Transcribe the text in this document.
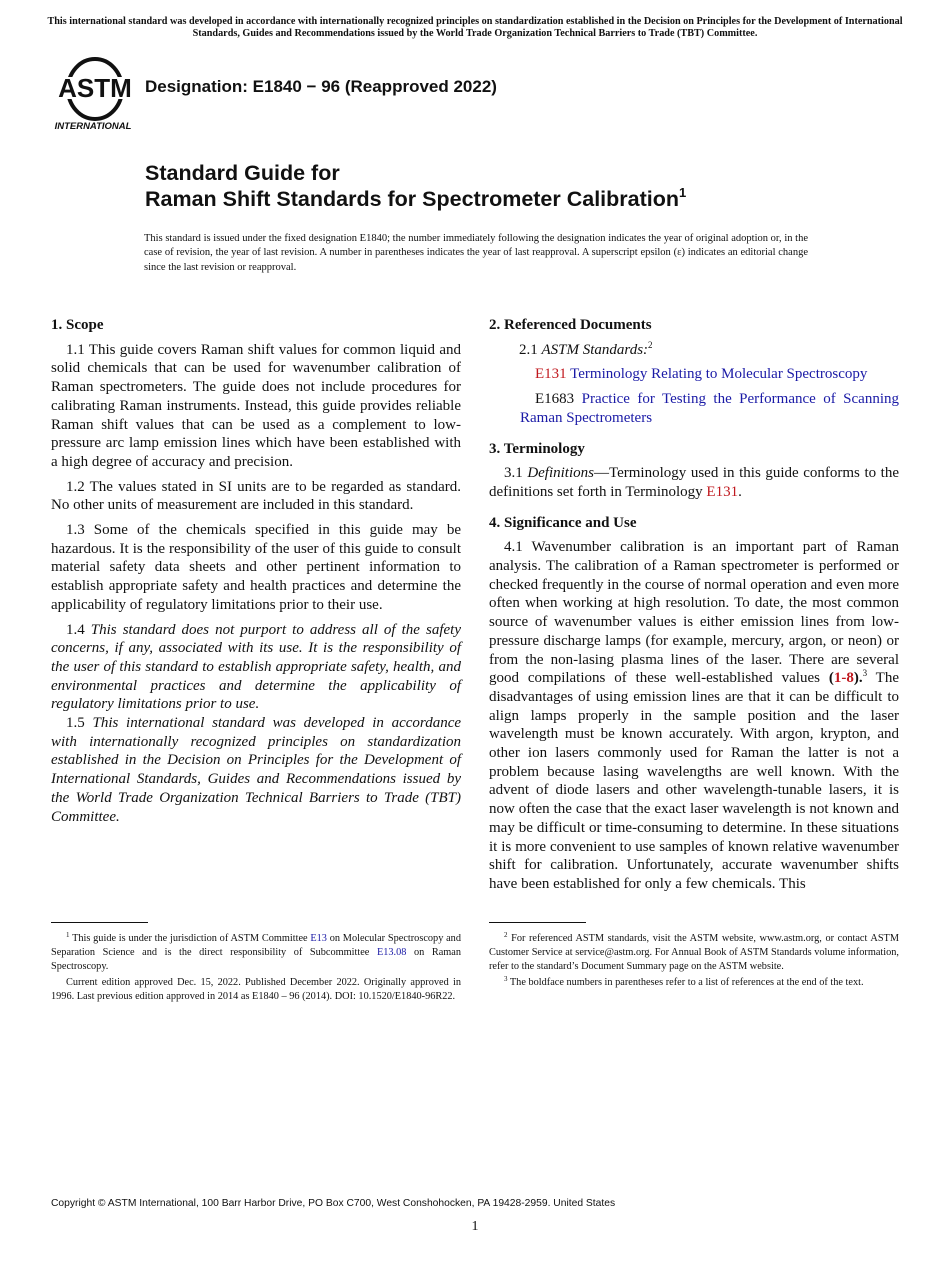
This international standard was developed in accordance with internationally recognized principles on standardization established in the Decision on Principles for the Development of International Standards, Guides and Recommendations issued by the World Trade Organization Technical Barriers to Trade (TBT) Committee.
ASTM
INTERNATIONAL
Designation: E1840 − 96 (Reapproved 2022)
Standard Guide for
Raman Shift Standards for Spectrometer Calibration$^1$
This standard is issued under the fixed designation E1840; the number immediately following the designation indicates the year of original adoption or, in the case of revision, the year of last revision. A number in parentheses indicates the year of last reapproval. A superscript epsilon (ε) indicates an editorial change since the last revision or reapproval.
1. Scope

1.1 This guide covers Raman shift values for common liquid and solid chemicals that can be used for wavenumber calibration of Raman spectrometers. The guide does not include procedures for calibrating Raman instruments. Instead, this guide provides reliable Raman shift values that can be used as a complement to low-pressure arc lamp emission lines which have been established with a high degree of accuracy and precision.

1.2 The values stated in SI units are to be regarded as standard. No other units of measurement are included in this standard.

1.3 Some of the chemicals specified in this guide may be hazardous. It is the responsibility of the user of this guide to consult material safety data sheets and other pertinent information to establish appropriate safety and health practices and determine the applicability of regulatory limitations prior to their use.

1.4 This standard does not purport to address all of the safety concerns, if any, associated with its use. It is the responsibility of the user of this standard to establish appropriate safety, health, and environmental practices and determine the applicability of regulatory limitations prior to use.

1.5 This international standard was developed in accordance with internationally recognized principles on standardization established in the Decision on Principles for the Development of International Standards, Guides and Recommendations issued by the World Trade Organization Technical Barriers to Trade (TBT) Committee.

2. Referenced Documents

2.1 ASTM Standards:$^2$

E131 Terminology Relating to Molecular Spectroscopy

E1683 Practice for Testing the Performance of Scanning Raman Spectrometers

3. Terminology

3.1 Definitions—Terminology used in this guide conforms to the definitions set forth in Terminology E131.

4. Significance and Use

4.1 Wavenumber calibration is an important part of Raman analysis. The calibration of a Raman spectrometer is performed or checked frequently in the course of normal operation and even more often when working at high resolution. To date, the most common source of wavenumber values is either emission lines from low-pressure discharge lamps (for example, mercury, argon, or neon) or from the non-lasing plasma lines of the laser. There are several good compilations of these well-established values (1-8).$^3$ The disadvantages of using emission lines are that it can be difficult to align lamps properly in the sample position and the laser wavelength must be known accurately. With argon, krypton, and other ion lasers commonly used for Raman the latter is not a problem because lasing wavelengths are well known. With the advent of diode lasers and other wavelength-tunable lasers, it is now often the case that the exact laser wavelength is not known and may be difficult or time-consuming to determine. In these situations it is more convenient to use samples of known relative wavenumber shift for calibration. Unfortunately, accurate wavenumber shifts have been established for only a few chemicals. This

$^1$ This guide is under the jurisdiction of ASTM Committee E13 on Molecular Spectroscopy and Separation Science and is the direct responsibility of Subcommittee E13.08 on Raman Spectroscopy.

Current edition approved Dec. 15, 2022. Published December 2022. Originally approved in 1996. Last previous edition approved in 2014 as E1840 – 96 (2014). DOI: 10.1520/E1840-96R22.

$^2$ For referenced ASTM standards, visit the ASTM website, www.astm.org, or contact ASTM Customer Service at service@astm.org. For Annual Book of ASTM Standards volume information, refer to the standard’s Document Summary page on the ASTM website.

$^3$ The boldface numbers in parentheses refer to a list of references at the end of the text.

Copyright © ASTM International, 100 Barr Harbor Drive, PO Box C700, West Conshohocken, PA 19428-2959. United States
1
